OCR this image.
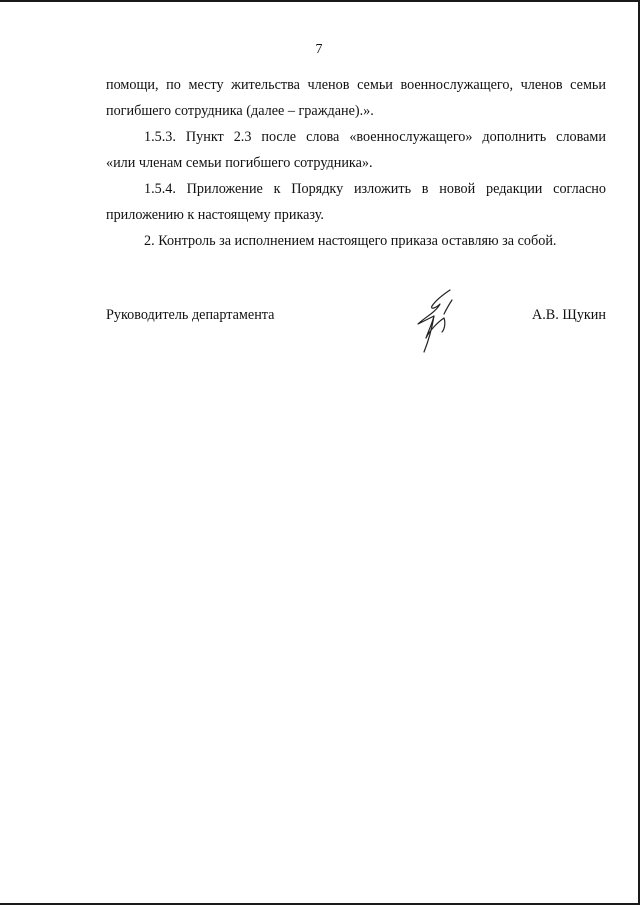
7
помощи, по месту жительства членов семьи военнослужащего, членов семьи
погибшего сотрудника (далее – граждане).».
1.5.3. Пункт 2.3 после слова «военнослужащего» дополнить словами
«или членам семьи погибшего сотрудника».
1.5.4. Приложение к Порядку изложить в новой редакции согласно
приложению к настоящему приказу.
2. Контроль за исполнением настоящего приказа оставляю за собой.
Руководитель департамента	А.В. Щукин
